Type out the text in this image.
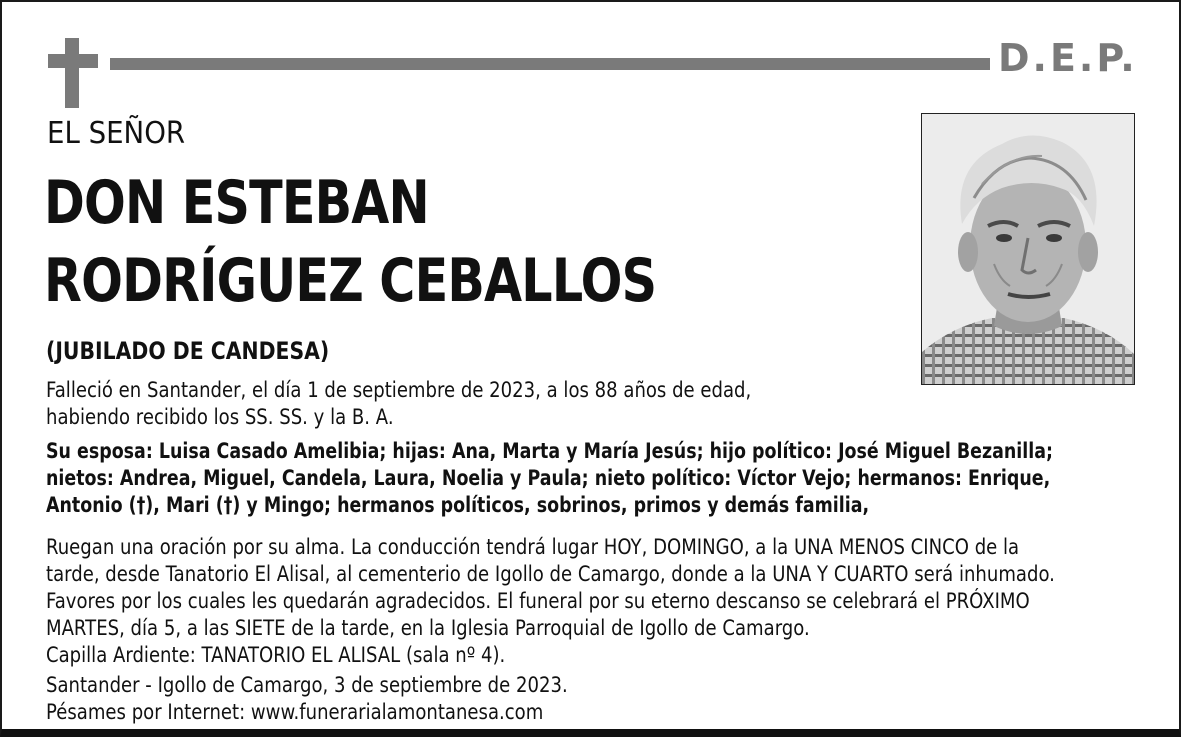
D.E.P.
EL SEÑOR
DON ESTEBAN
RODRÍGUEZ CEBALLOS
(JUBILADO DE CANDESA)
Falleció en Santander, el día 1 de septiembre de 2023, a los 88 años de edad,
habiendo recibido los SS. SS. y la B. A.
Su esposa: Luisa Casado Amelibia; hijas: Ana, Marta y María Jesús; hijo político: José Miguel Bezanilla;
nietos: Andrea, Miguel, Candela, Laura, Noelia y Paula; nieto político: Víctor Vejo; hermanos: Enrique,
Antonio (†), Mari (†) y Mingo; hermanos políticos, sobrinos, primos y demás familia,
Ruegan una oración por su alma. La conducción tendrá lugar HOY, DOMINGO, a la UNA MENOS CINCO de la
tarde, desde Tanatorio El Alisal, al cementerio de Igollo de Camargo, donde a la UNA Y CUARTO será inhumado.
Favores por los cuales les quedarán agradecidos. El funeral por su eterno descanso se celebrará el PRÓXIMO
MARTES, día 5, a las SIETE de la tarde, en la Iglesia Parroquial de Igollo de Camargo.
Capilla Ardiente: TANATORIO EL ALISAL (sala nº 4).
Santander - Igollo de Camargo, 3 de septiembre de 2023.
Pésames por Internet: www.funerarialamontanesa.com
